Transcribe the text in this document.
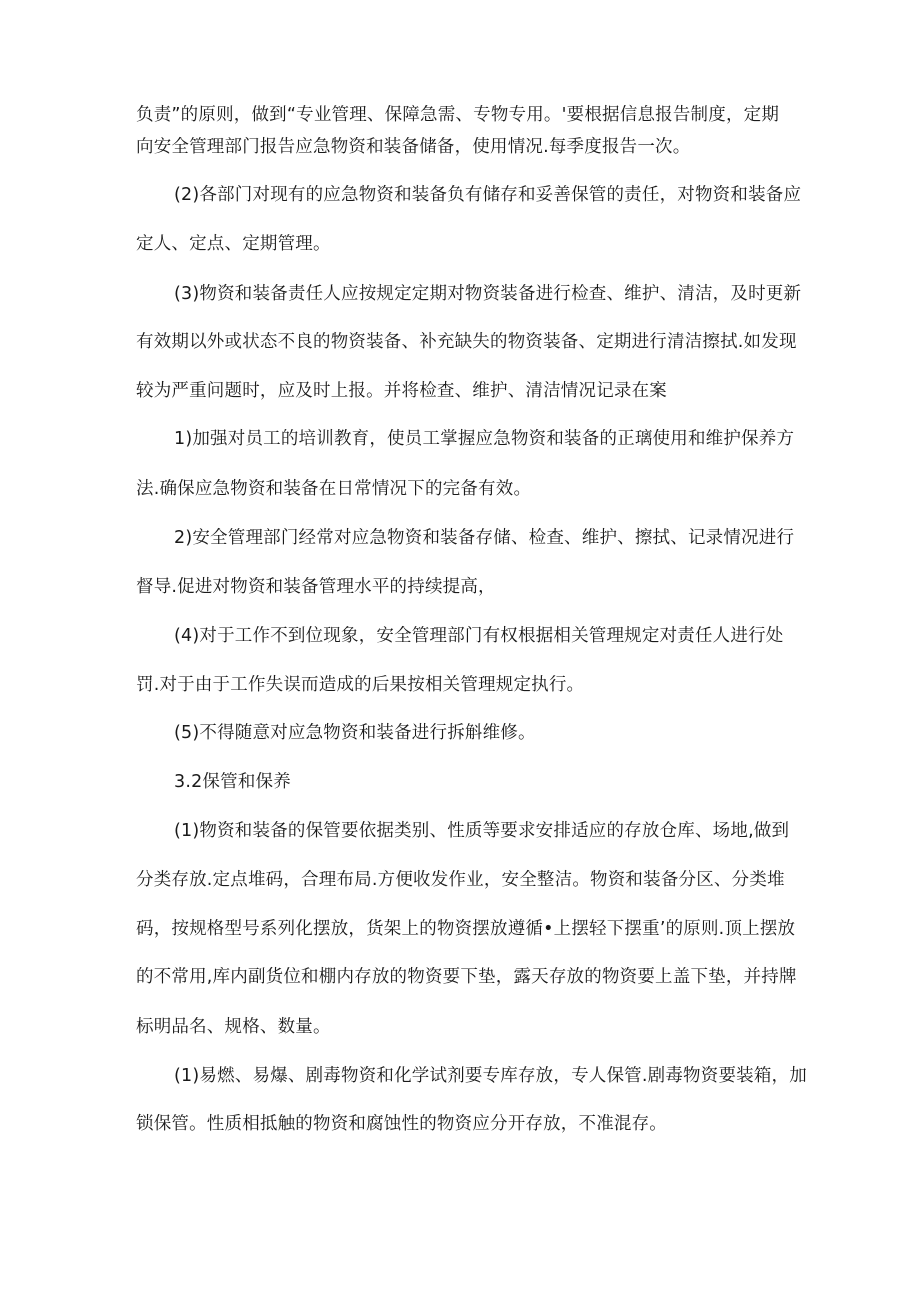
负责”的原则，做到“专业管理、保障急需、专物专用。'要根据信息报告制度，定期
向安全管理部门报告应急物资和装备储备，使用情况.每季度报告一次。
(2)各部门对现有的应急物资和装备负有储存和妥善保管的责任，对物资和装备应
定人、定点、定期管理。
(3)物资和装备责任人应按规定定期对物资装备进行检查、维护、清洁，及时更新
有效期以外或状态不良的物资装备、补充缺失的物资装备、定期进行清洁擦拭.如发现
较为严重问题时，应及时上报。并将检查、维护、清洁情况记录在案
1)加强对员工的培训教育，使员工掌握应急物资和装备的正璃使用和维护保养方
法.确保应急物资和装备在日常情况下的完备有效。
2)安全管理部门经常对应急物资和装备存储、检查、维护、擦拭、记录情况进行
督导.促进对物资和装备管理水平的持续提高，
(4)对于工作不到位现象，安全管理部门有权根据相关管理规定对责任人进行处
罚.对于由于工作失误而造成的后果按相关管理规定执行。
(5)不得随意对应急物资和装备进行拆斛维修。
3.2保管和保养
(1)物资和装备的保管要依据类别、性质等要求安排适应的存放仓库、场地,做到
分类存放.定点堆码，合理布局.方便收发作业，安全整洁。物资和装备分区、分类堆
码，按规格型号系列化摆放，货架上的物资摆放遵循•上摆轻下摆重’的原则.顶上摆放
的不常用,库内副货位和棚内存放的物资要下垫，露天存放的物资要上盖下垫，并持牌
标明品名、规格、数量。
(1)易燃、易爆、剧毒物资和化学试剂要专库存放，专人保管.剧毒物资要装箱，加
锁保管。性质相抵触的物资和腐蚀性的物资应分开存放，不准混存。
